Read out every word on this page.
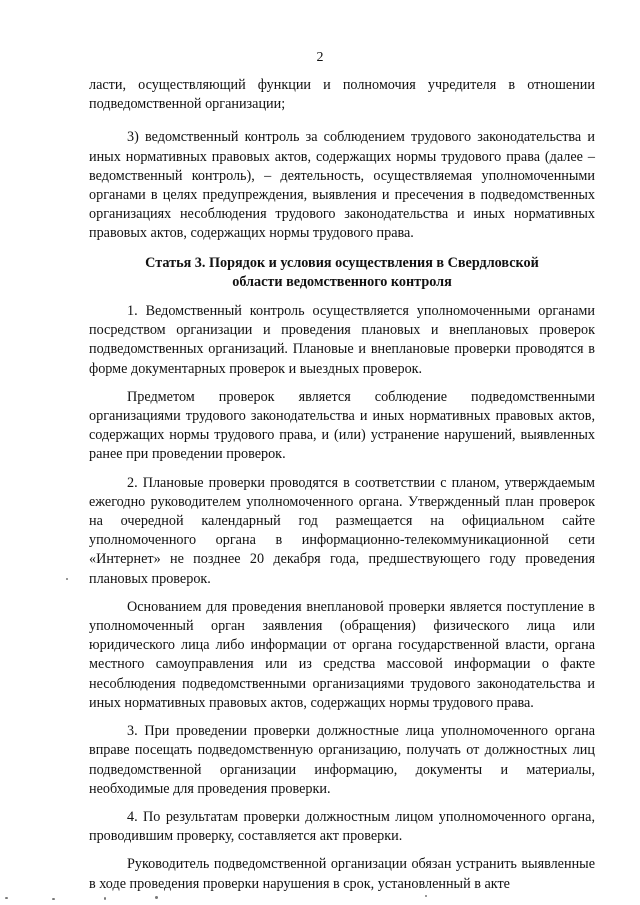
2

ласти, осуществляющий функции и полномочия учредителя в отношении подведомственной организации;

3) ведомственный контроль за соблюдением трудового законодательства и иных нормативных правовых актов, содержащих нормы трудового права (далее – ведомственный контроль), – деятельность, осуществляемая уполномоченными органами в целях предупреждения, выявления и пресечения в подведомственных организациях несоблюдения трудового законодательства и иных нормативных правовых актов, содержащих нормы трудового права.

Статья 3. Порядок и условия осуществления в Свердловской
области ведомственного контроля

1. Ведомственный контроль осуществляется уполномоченными органами посредством организации и проведения плановых и внеплановых проверок подведомственных организаций. Плановые и внеплановые проверки проводятся в форме документарных проверок и выездных проверок.

Предметом проверок является соблюдение подведомственными организациями трудового законодательства и иных нормативных правовых актов, содержащих нормы трудового права, и (или) устранение нарушений, выявленных ранее при проведении проверок.

2. Плановые проверки проводятся в соответствии с планом, утверждаемым ежегодно руководителем уполномоченного органа. Утвержденный план проверок на очередной календарный год размещается на официальном сайте уполномоченного органа в информационно-телекоммуникационной сети «Интернет» не позднее 20 декабря года, предшествующего году проведения плановых проверок.

Основанием для проведения внеплановой проверки является поступление в уполномоченный орган заявления (обращения) физического лица или юридического лица либо информации от органа государственной власти, органа местного самоуправления или из средства массовой информации о факте несоблюдения подведомственными организациями трудового законодательства и иных нормативных правовых актов, содержащих нормы трудового права.

3. При проведении проверки должностные лица уполномоченного органа вправе посещать подведомственную организацию, получать от должностных лиц подведомственной организации информацию, документы и материалы, необходимые для проведения проверки.

4. По результатам проверки должностным лицом уполномоченного органа, проводившим проверку, составляется акт проверки.

Руководитель подведомственной организации обязан устранить выявленные в ходе проведения проверки нарушения в срок, установленный в акте
